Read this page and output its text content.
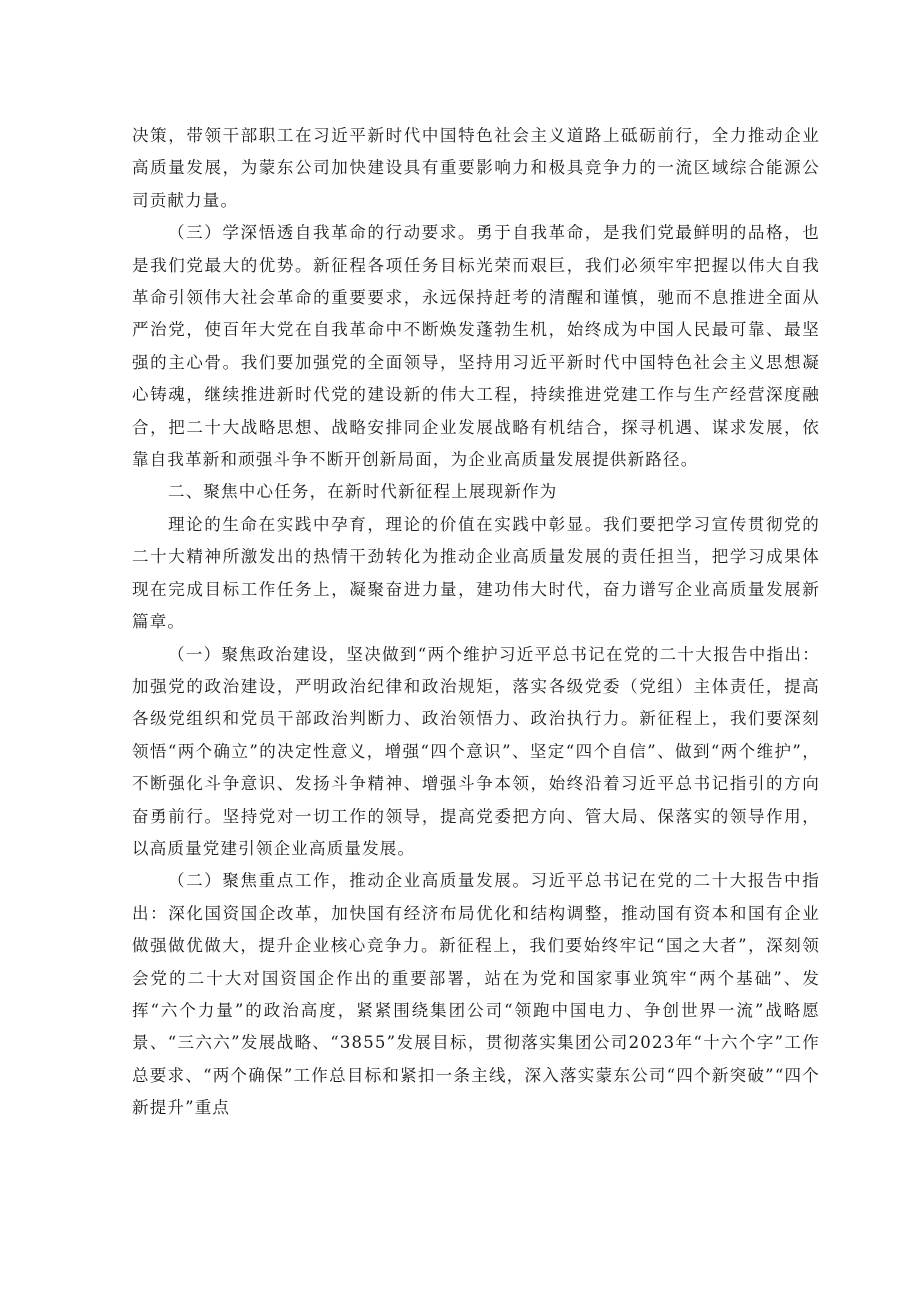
决策，带领干部职工在习近平新时代中国特色社会主义道路上砥砺前行，全力推动企业高质量发展，为蒙东公司加快建设具有重要影响力和极具竞争力的一流区域综合能源公司贡献力量。

（三）学深悟透自我革命的行动要求。勇于自我革命，是我们党最鲜明的品格，也是我们党最大的优势。新征程各项任务目标光荣而艰巨，我们必须牢牢把握以伟大自我革命引领伟大社会革命的重要要求，永远保持赶考的清醒和谨慎，驰而不息推进全面从严治党，使百年大党在自我革命中不断焕发蓬勃生机，始终成为中国人民最可靠、最坚强的主心骨。我们要加强党的全面领导，坚持用习近平新时代中国特色社会主义思想凝心铸魂，继续推进新时代党的建设新的伟大工程，持续推进党建工作与生产经营深度融合，把二十大战略思想、战略安排同企业发展战略有机结合，探寻机遇、谋求发展，依靠自我革新和顽强斗争不断开创新局面，为企业高质量发展提供新路径。

二、聚焦中心任务，在新时代新征程上展现新作为

理论的生命在实践中孕育，理论的价值在实践中彰显。我们要把学习宣传贯彻党的二十大精神所激发出的热情干劲转化为推动企业高质量发展的责任担当，把学习成果体现在完成目标工作任务上，凝聚奋进力量，建功伟大时代，奋力谱写企业高质量发展新篇章。

（一）聚焦政治建设，坚决做到“两个维护习近平总书记在党的二十大报告中指出：加强党的政治建设，严明政治纪律和政治规矩，落实各级党委（党组）主体责任，提高各级党组织和党员干部政治判断力、政治领悟力、政治执行力。新征程上，我们要深刻领悟“两个确立”的决定性意义，增强“四个意识”、坚定“四个自信”、做到“两个维护”，不断强化斗争意识、发扬斗争精神、增强斗争本领，始终沿着习近平总书记指引的方向奋勇前行。坚持党对一切工作的领导，提高党委把方向、管大局、保落实的领导作用，以高质量党建引领企业高质量发展。

（二）聚焦重点工作，推动企业高质量发展。习近平总书记在党的二十大报告中指出：深化国资国企改革，加快国有经济布局优化和结构调整，推动国有资本和国有企业做强做优做大，提升企业核心竞争力。新征程上，我们要始终牢记“国之大者”，深刻领会党的二十大对国资国企作出的重要部署，站在为党和国家事业筑牢“两个基础”、发挥“六个力量”的政治高度，紧紧围绕集团公司“领跑中国电力、争创世界一流”战略愿景、“三六六”发展战略、“3855”发展目标，贯彻落实集团公司2023年“十六个字”工作总要求、“两个确保”工作总目标和紧扣一条主线，深入落实蒙东公司“四个新突破”“四个新提升”重点
